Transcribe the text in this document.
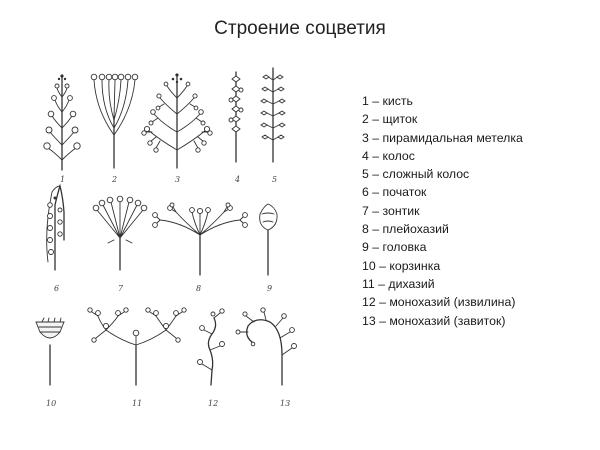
Строение соцветия
1 – кисть
2 – щиток
3 – пирамидальная метелка
4 – колос
5 – сложный колос
6 – початок
7 – зонтик
8 – плейохазий
9 – головка
10 – корзинка
11 – дихазий
12 – монохазий (извилина)
13 – монохазий (завиток)
1	2	3	4	5
6	7	8	9
10	11	12	13
